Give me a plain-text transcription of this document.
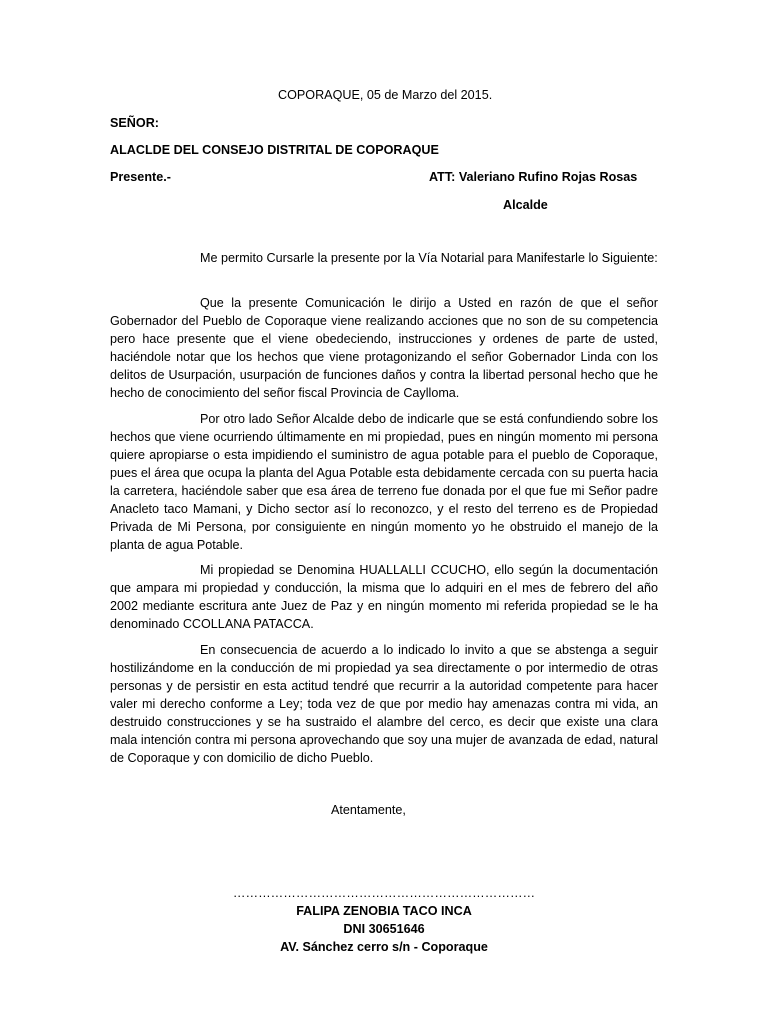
COPORAQUE, 05 de Marzo del 2015.
SEÑOR:
ALACLDE DEL CONSEJO DISTRITAL DE COPORAQUE
Presente.-	ATT: Valeriano Rufino Rojas Rosas
Alcalde

Me permito Cursarle la presente por la Vía Notarial para Manifestarle lo Siguiente:

Que la presente Comunicación le dirijo a Usted en razón de que el señor Gobernador del Pueblo de Coporaque viene realizando acciones que no son de su competencia pero hace presente que el viene obedeciendo, instrucciones y ordenes de parte de usted, haciéndole notar que los hechos que viene protagonizando el señor Gobernador Linda con los delitos de Usurpación, usurpación de funciones daños y contra la libertad personal hecho que he hecho de conocimiento del señor fiscal Provincia de Caylloma.

Por otro lado Señor Alcalde debo de indicarle que se está confundiendo sobre los hechos que viene ocurriendo últimamente en mi propiedad, pues en ningún momento mi persona quiere apropiarse o esta impidiendo el suministro de agua potable para el pueblo de Coporaque, pues el área que ocupa la planta del Agua Potable esta debidamente cercada con su puerta hacia la carretera, haciéndole saber que esa área de terreno fue donada por el que fue mi Señor padre Anacleto taco Mamani, y Dicho sector así lo reconozco, y el resto del terreno es de Propiedad Privada de Mi Persona, por consiguiente en ningún momento yo he obstruido el manejo de la planta de agua Potable.

Mi propiedad se Denomina HUALLALLI CCUCHO, ello según la documentación que ampara mi propiedad y conducción, la misma que lo adquiri en el mes de febrero del año 2002 mediante escritura ante Juez de Paz y en ningún momento mi referida propiedad se le ha denominado CCOLLANA PATACCA.

En consecuencia de acuerdo a lo indicado lo invito a que se abstenga a seguir hostilizándome en la conducción de mi propiedad ya sea directamente o por intermedio de otras personas y de persistir en esta actitud tendré que recurrir a la autoridad competente para hacer valer mi derecho conforme a Ley; toda vez de que por medio hay amenazas contra mi vida, an destruido construcciones y se ha sustraido el alambre del cerco, es decir que existe una clara mala intención contra mi persona aprovechando que soy una mujer de avanzada de edad, natural de Coporaque y con domicilio de dicho Pueblo.

Atentamente,
………………………………………………………………
FALIPA ZENOBIA TACO INCA
DNI 30651646
AV. Sánchez cerro s/n - Coporaque
